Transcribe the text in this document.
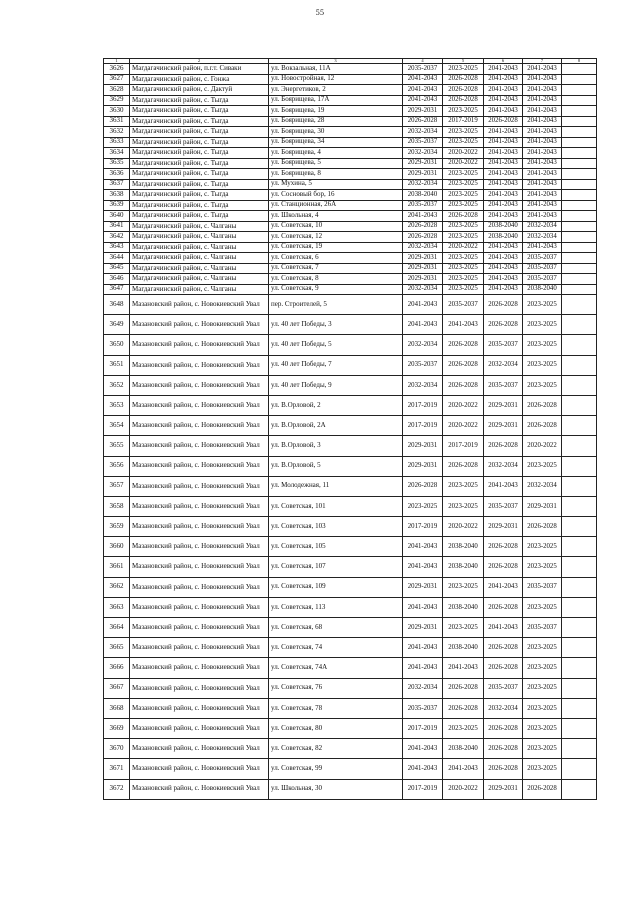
55
1	2	3	4	5	6	7	8
3626	Магдагачинский район, п.г.т. Сиваки	ул. Вокзальная, 11А	2035-2037	2023-2025	2041-2043	2041-2043	
3627	Магдагачинский район, с. Гонжа	ул. Новостройная, 12	2041-2043	2026-2028	2041-2043	2041-2043	
3628	Магдагачинский район, с. Дактуй	ул. Энергетиков, 2	2041-2043	2026-2028	2041-2043	2041-2043	
3629	Магдагачинский район, с. Тыгда	ул. Боярищева, 17А	2041-2043	2026-2028	2041-2043	2041-2043	
3630	Магдагачинский район, с. Тыгда	ул. Боярищева, 19	2029-2031	2023-2025	2041-2043	2041-2043	
3631	Магдагачинский район, с. Тыгда	ул. Боярищева, 28	2026-2028	2017-2019	2026-2028	2041-2043	
3632	Магдагачинский район, с. Тыгда	ул. Боярищева, 30	2032-2034	2023-2025	2041-2043	2041-2043	
3633	Магдагачинский район, с. Тыгда	ул. Боярищева, 34	2035-2037	2023-2025	2041-2043	2041-2043	
3634	Магдагачинский район, с. Тыгда	ул. Боярищева, 4	2032-2034	2020-2022	2041-2043	2041-2043	
3635	Магдагачинский район, с. Тыгда	ул. Боярищева, 5	2029-2031	2020-2022	2041-2043	2041-2043	
3636	Магдагачинский район, с. Тыгда	ул. Боярищева, 8	2029-2031	2023-2025	2041-2043	2041-2043	
3637	Магдагачинский район, с. Тыгда	ул. Мухина, 5	2032-2034	2023-2025	2041-2043	2041-2043	
3638	Магдагачинский район, с. Тыгда	ул. Сосновый бор, 16	2038-2040	2023-2025	2041-2043	2041-2043	
3639	Магдагачинский район, с. Тыгда	ул. Станционная, 26А	2035-2037	2023-2025	2041-2043	2041-2043	
3640	Магдагачинский район, с. Тыгда	ул. Школьная, 4	2041-2043	2026-2028	2041-2043	2041-2043	
3641	Магдагачинский район, с. Чалганы	ул. Советская, 10	2026-2028	2023-2025	2038-2040	2032-2034	
3642	Магдагачинский район, с. Чалганы	ул. Советская, 12	2026-2028	2023-2025	2038-2040	2032-2034	
3643	Магдагачинский район, с. Чалганы	ул. Советская, 19	2032-2034	2020-2022	2041-2043	2041-2043	
3644	Магдагачинский район, с. Чалганы	ул. Советская, 6	2029-2031	2023-2025	2041-2043	2035-2037	
3645	Магдагачинский район, с. Чалганы	ул. Советская, 7	2029-2031	2023-2025	2041-2043	2035-2037	
3646	Магдагачинский район, с. Чалганы	ул. Советская, 8	2029-2031	2023-2025	2041-2043	2035-2037	
3647	Магдагачинский район, с. Чалганы	ул. Советская, 9	2032-2034	2023-2025	2041-2043	2038-2040	
3648	Мазановский район, с. Новокиевский Увал	пер. Строителей, 5	2041-2043	2035-2037	2026-2028	2023-2025	
3649	Мазановский район, с. Новокиевский Увал	ул. 40 лет Победы, 3	2041-2043	2041-2043	2026-2028	2023-2025	
3650	Мазановский район, с. Новокиевский Увал	ул. 40 лет Победы, 5	2032-2034	2026-2028	2035-2037	2023-2025	
3651	Мазановский район, с. Новокиевский Увал	ул. 40 лет Победы, 7	2035-2037	2026-2028	2032-2034	2023-2025	
3652	Мазановский район, с. Новокиевский Увал	ул. 40 лет Победы, 9	2032-2034	2026-2028	2035-2037	2023-2025	
3653	Мазановский район, с. Новокиевский Увал	ул. В.Орловой, 2	2017-2019	2020-2022	2029-2031	2026-2028	
3654	Мазановский район, с. Новокиевский Увал	ул. В.Орловой, 2А	2017-2019	2020-2022	2029-2031	2026-2028	
3655	Мазановский район, с. Новокиевский Увал	ул. В.Орловой, 3	2029-2031	2017-2019	2026-2028	2020-2022	
3656	Мазановский район, с. Новокиевский Увал	ул. В.Орловой, 5	2029-2031	2026-2028	2032-2034	2023-2025	
3657	Мазановский район, с. Новокиевский Увал	ул. Молодежная, 11	2026-2028	2023-2025	2041-2043	2032-2034	
3658	Мазановский район, с. Новокиевский Увал	ул. Советская, 101	2023-2025	2023-2025	2035-2037	2029-2031	
3659	Мазановский район, с. Новокиевский Увал	ул. Советская, 103	2017-2019	2020-2022	2029-2031	2026-2028	
3660	Мазановский район, с. Новокиевский Увал	ул. Советская, 105	2041-2043	2038-2040	2026-2028	2023-2025	
3661	Мазановский район, с. Новокиевский Увал	ул. Советская, 107	2041-2043	2038-2040	2026-2028	2023-2025	
3662	Мазановский район, с. Новокиевский Увал	ул. Советская, 109	2029-2031	2023-2025	2041-2043	2035-2037	
3663	Мазановский район, с. Новокиевский Увал	ул. Советская, 113	2041-2043	2038-2040	2026-2028	2023-2025	
3664	Мазановский район, с. Новокиевский Увал	ул. Советская, 68	2029-2031	2023-2025	2041-2043	2035-2037	
3665	Мазановский район, с. Новокиевский Увал	ул. Советская, 74	2041-2043	2038-2040	2026-2028	2023-2025	
3666	Мазановский район, с. Новокиевский Увал	ул. Советская, 74А	2041-2043	2041-2043	2026-2028	2023-2025	
3667	Мазановский район, с. Новокиевский Увал	ул. Советская, 76	2032-2034	2026-2028	2035-2037	2023-2025	
3668	Мазановский район, с. Новокиевский Увал	ул. Советская, 78	2035-2037	2026-2028	2032-2034	2023-2025	
3669	Мазановский район, с. Новокиевский Увал	ул. Советская, 80	2017-2019	2023-2025	2026-2028	2023-2025	
3670	Мазановский район, с. Новокиевский Увал	ул. Советская, 82	2041-2043	2038-2040	2026-2028	2023-2025	
3671	Мазановский район, с. Новокиевский Увал	ул. Советская, 99	2041-2043	2041-2043	2026-2028	2023-2025	
3672	Мазановский район, с. Новокиевский Увал	ул. Школьная, 30	2017-2019	2020-2022	2029-2031	2026-2028	
